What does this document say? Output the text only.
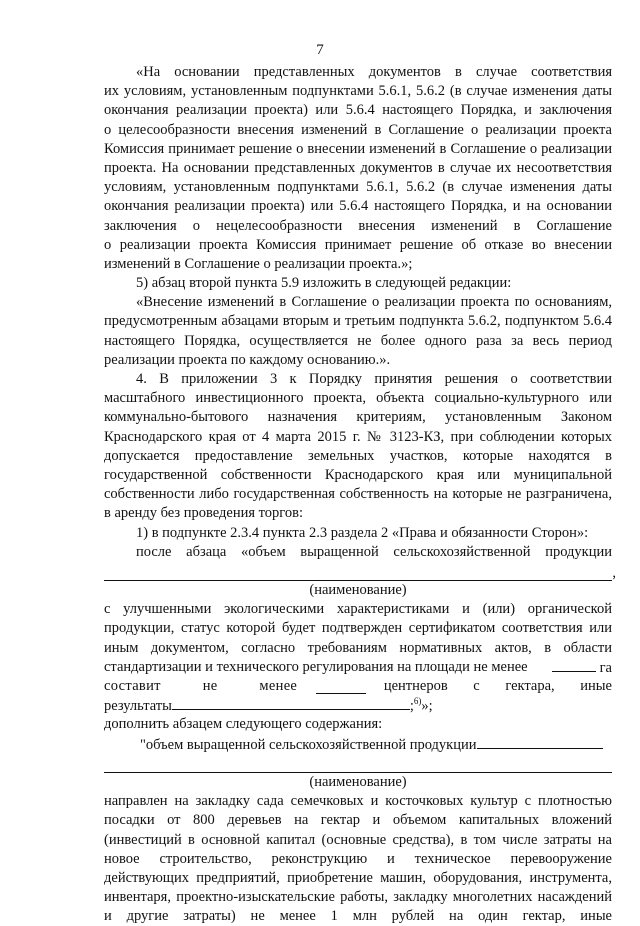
7
«На основании представленных документов в случае соответствия
их условиям, установленным подпунктами 5.6.1, 5.6.2 (в случае изменения даты
окончания реализации проекта) или 5.6.4 настоящего Порядка, и заключения
о целесообразности внесения изменений в Соглашение о реализации проекта
Комиссия принимает решение о внесении изменений в Соглашение о реализации
проекта. На основании представленных документов в случае их несоответствия
условиям, установленным подпунктами 5.6.1, 5.6.2 (в случае изменения даты
окончания реализации проекта) или 5.6.4 настоящего Порядка, и на основании
заключения о нецелесообразности внесения изменений в Соглашение
о реализации проекта Комиссия принимает решение об отказе во внесении
изменений в Соглашение о реализации проекта.»;
5) абзац второй пункта 5.9 изложить в следующей редакции:
«Внесение изменений в Соглашение о реализации проекта по основаниям,
предусмотренным абзацами вторым и третьим подпункта 5.6.2, подпунктом 5.6.4
настоящего Порядка, осуществляется не более одного раза за весь период
реализации проекта по каждому основанию.».
4. В приложении 3 к Порядку принятия решения о соответствии
масштабного инвестиционного проекта, объекта социально-культурного или
коммунально-бытового назначения критериям, установленным Законом
Краснодарского края от 4 марта 2015 г. № 3123-КЗ, при соблюдении которых
допускается предоставление земельных участков, которые находятся в
государственной собственности Краснодарского края или муниципальной
собственности либо государственная собственность на которые не разграничена,
в аренду без проведения торгов:
1) в подпункте 2.3.4 пункта 2.3 раздела 2 «Права и обязанности Сторон»:
после абзаца «объем выращенной сельскохозяйственной продукции
,
(наименование)
с улучшенными экологическими характеристиками и (или) органической
продукции, статус которой будет подтвержден сертификатом соответствия или
иным документом, согласно требованиям нормативных актов, в области
стандартизации и технического регулирования на площади не менее	га
составит не менее	центнеров с гектара, иные
результаты	;$^{6)}$»;
дополнить абзацем следующего содержания:
"объем выращенной сельскохозяйственной продукции
(наименование)
направлен на закладку сада семечковых и косточковых культур с плотностью
посадки от 800 деревьев на гектар и объемом капитальных вложений
(инвестиций в основной капитал (основные средства), в том числе затраты на
новое строительство, реконструкцию и техническое перевооружение
действующих предприятий, приобретение машин, оборудования, инструмента,
инвентаря, проектно-изыскательские работы, закладку многолетних насаждений
и другие затраты) не менее 1 млн рублей на один гектар, иные
